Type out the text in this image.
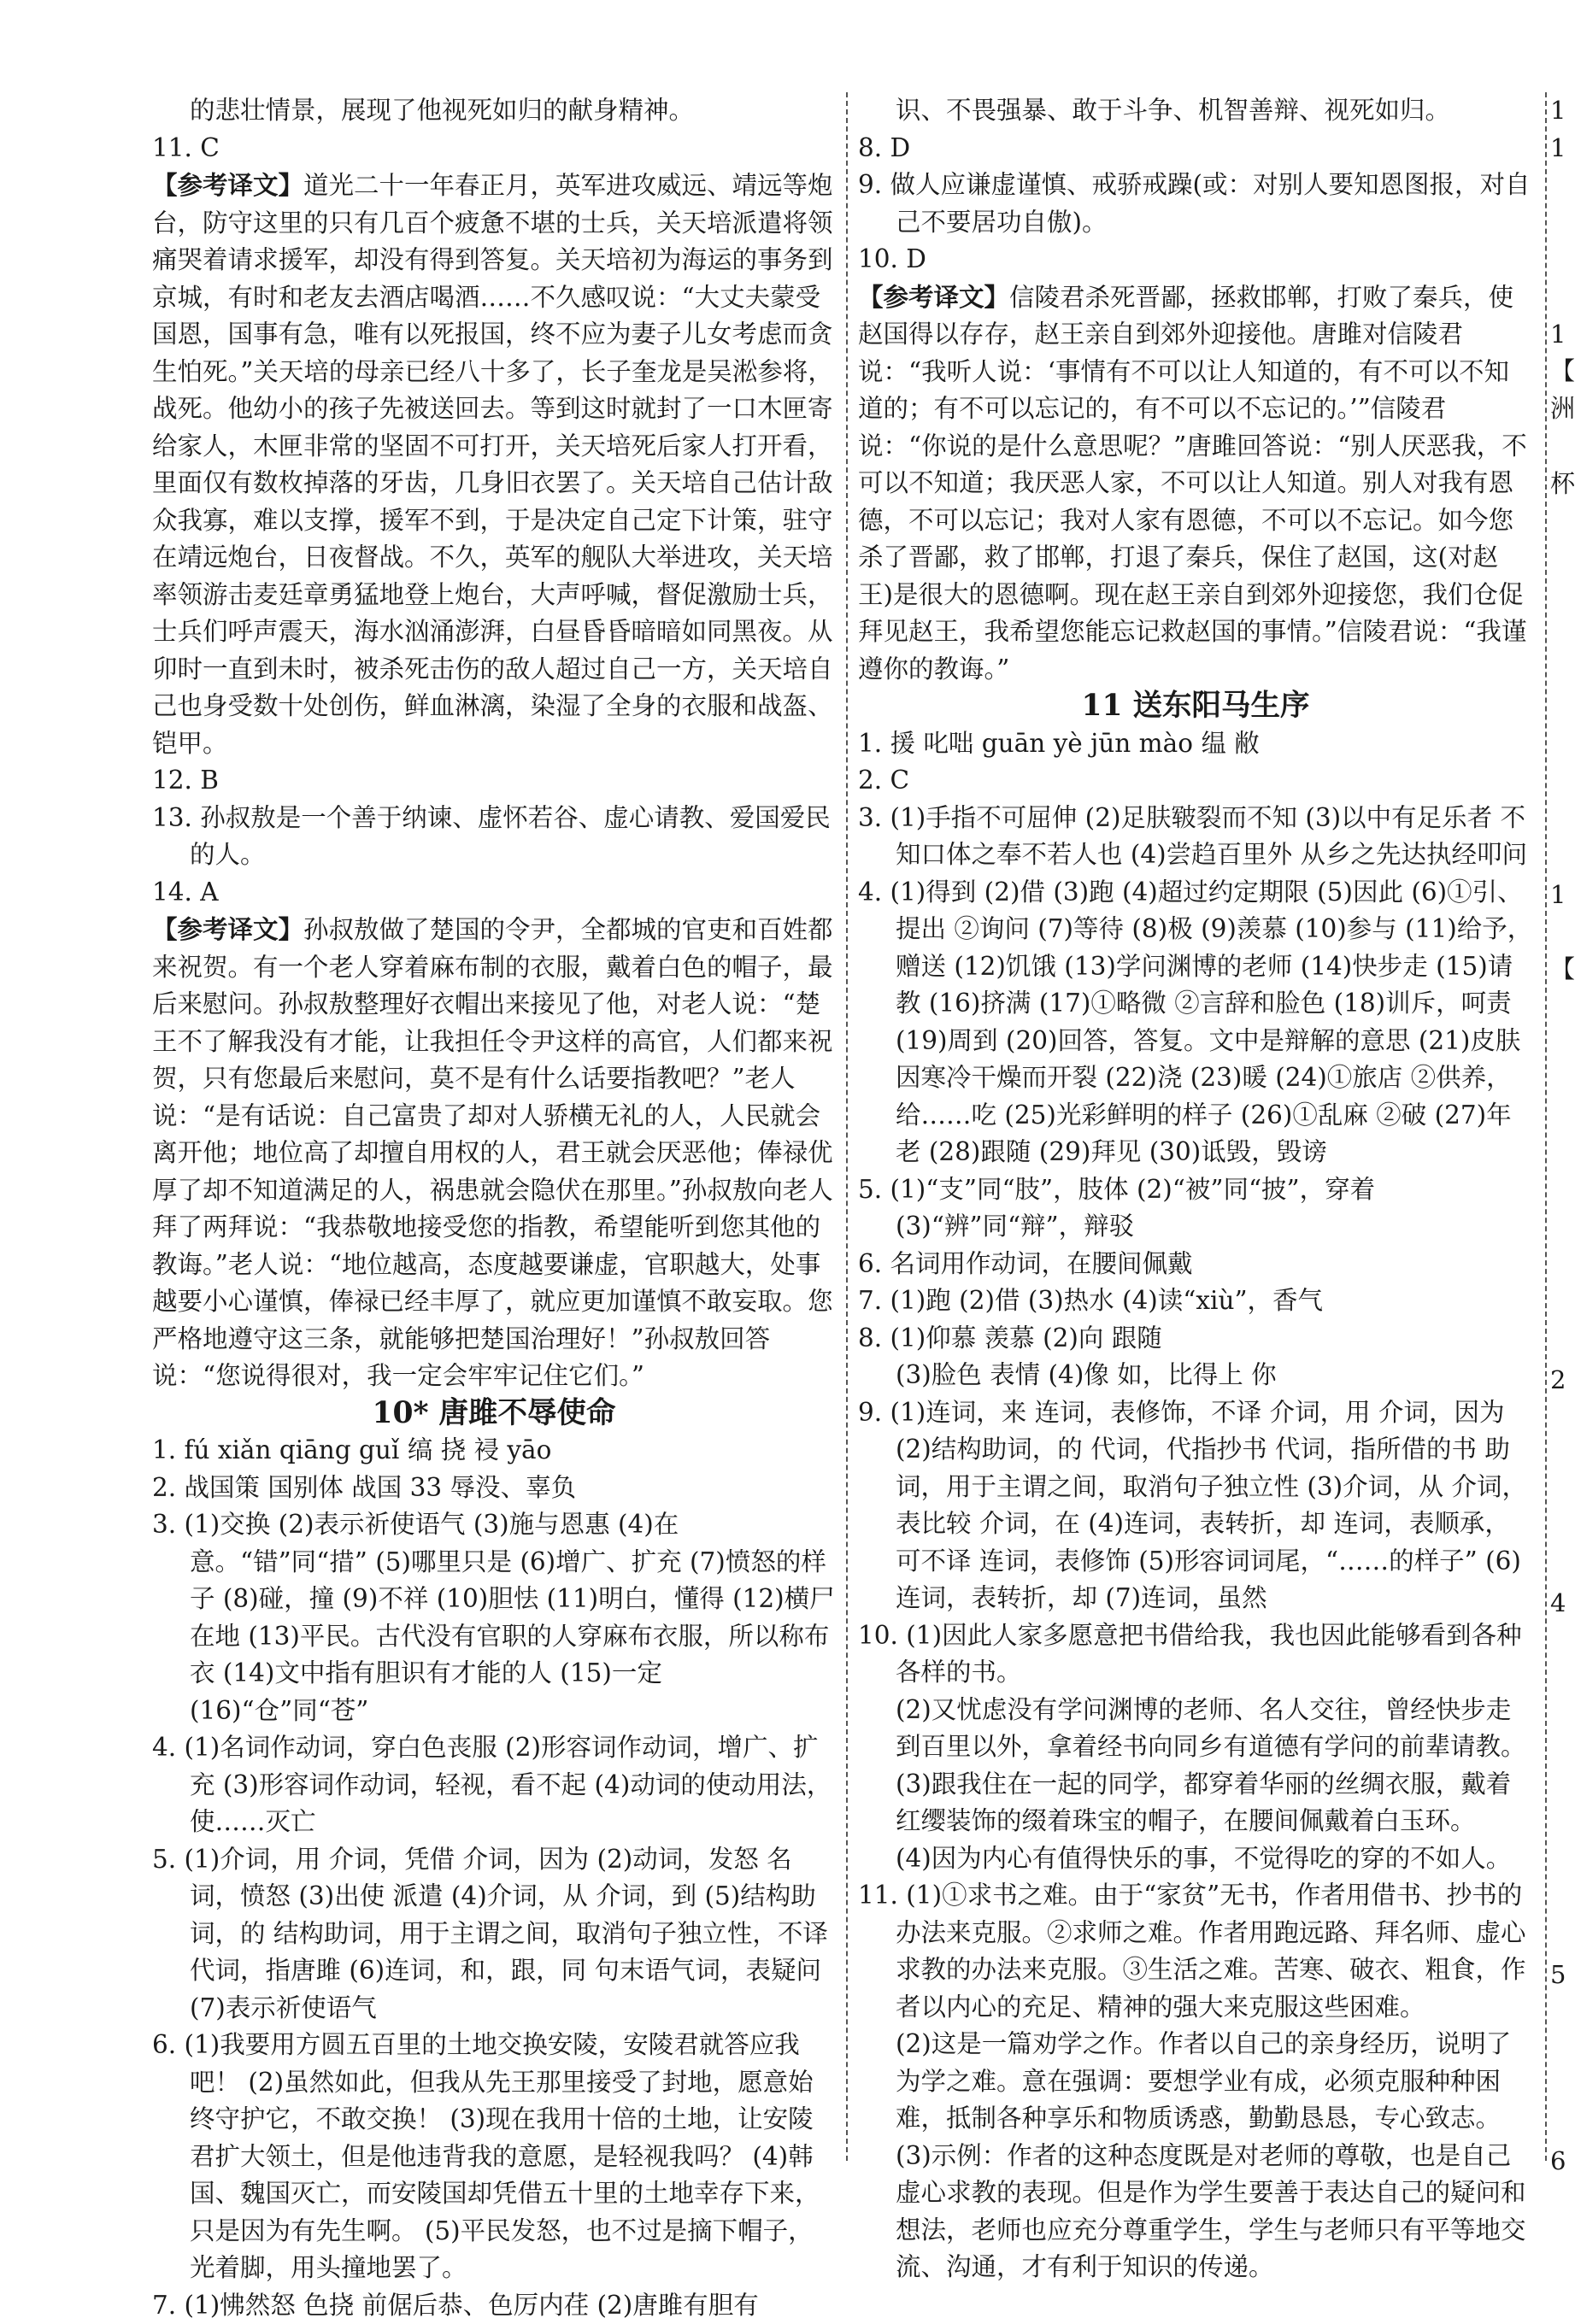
的悲壮情景，展现了他视死如归的献身精神。

11. C

【参考译文】道光二十一年春正月，英军进攻威远、靖远等炮台，防守这里的只有几百个疲惫不堪的士兵，关天培派遣将领痛哭着请求援军，却没有得到答复。关天培初为海运的事务到京城，有时和老友去酒店喝酒……不久感叹说：“大丈夫蒙受国恩，国事有急，唯有以死报国，终不应为妻子儿女考虑而贪生怕死。”关天培的母亲已经八十多了，长子奎龙是吴淞参将，战死。他幼小的孩子先被送回去。等到这时就封了一口木匣寄给家人，木匣非常的坚固不可打开，关天培死后家人打开看，里面仅有数枚掉落的牙齿，几身旧衣罢了。关天培自己估计敌众我寡，难以支撑，援军不到，于是决定自己定下计策，驻守在靖远炮台，日夜督战。不久，英军的舰队大举进攻，关天培率领游击麦廷章勇猛地登上炮台，大声呼喊，督促激励士兵，士兵们呼声震天，海水汹涌澎湃，白昼昏昏暗暗如同黑夜。从卯时一直到未时，被杀死击伤的敌人超过自己一方，关天培自己也身受数十处创伤，鲜血淋漓，染湿了全身的衣服和战盔、铠甲。

12. B

13. 孙叔敖是一个善于纳谏、虚怀若谷、虚心请教、爱国爱民的人。

14. A

【参考译文】孙叔敖做了楚国的令尹，全都城的官吏和百姓都来祝贺。有一个老人穿着麻布制的衣服，戴着白色的帽子，最后来慰问。孙叔敖整理好衣帽出来接见了他，对老人说：“楚王不了解我没有才能，让我担任令尹这样的高官，人们都来祝贺，只有您最后来慰问，莫不是有什么话要指教吧？”老人说：“是有话说：自己富贵了却对人骄横无礼的人，人民就会离开他；地位高了却擅自用权的人，君王就会厌恶他；俸禄优厚了却不知道满足的人，祸患就会隐伏在那里。”孙叔敖向老人拜了两拜说：“我恭敬地接受您的指教，希望能听到您其他的教诲。”老人说：“地位越高，态度越要谦虚，官职越大，处事越要小心谨慎，俸禄已经丰厚了，就应更加谨慎不敢妄取。您严格地遵守这三条，就能够把楚国治理好！”孙叔敖回答说：“您说得很对，我一定会牢牢记住它们。”

10* 唐雎不辱使命

1. fú xiǎn qiāng guǐ 缟 挠 祲 yāo

2. 战国策 国别体 战国 33 辱没、辜负

3. (1)交换 (2)表示祈使语气 (3)施与恩惠 (4)在意。“错”同“措” (5)哪里只是 (6)增广、扩充 (7)愤怒的样子 (8)碰，撞 (9)不祥 (10)胆怯 (11)明白，懂得 (12)横尸在地 (13)平民。古代没有官职的人穿麻布衣服，所以称布衣 (14)文中指有胆识有才能的人 (15)一定 (16)“仓”同“苍”

4. (1)名词作动词，穿白色丧服 (2)形容词作动词，增广、扩充 (3)形容词作动词，轻视，看不起 (4)动词的使动用法，使……灭亡

5. (1)介词，用 介词，凭借 介词，因为 (2)动词，发怒 名词，愤怒 (3)出使 派遣 (4)介词，从 介词，到 (5)结构助词，的 结构助词，用于主谓之间，取消句子独立性，不译 代词，指唐雎 (6)连词，和，跟，同 句末语气词，表疑问 (7)表示祈使语气

6. (1)我要用方圆五百里的土地交换安陵，安陵君就答应我吧！ (2)虽然如此，但我从先王那里接受了封地，愿意始终守护它，不敢交换！ (3)现在我用十倍的土地，让安陵君扩大领土，但是他违背我的意愿，是轻视我吗？ (4)韩国、魏国灭亡，而安陵国却凭借五十里的土地幸存下来，只是因为有先生啊。 (5)平民发怒，也不过是摘下帽子，光着脚，用头撞地罢了。

7. (1)怫然怒 色挠 前倨后恭、色厉内荏 (2)唐雎有胆有

识、不畏强暴、敢于斗争、机智善辩、视死如归。

8. D

9. 做人应谦虚谨慎、戒骄戒躁(或：对别人要知恩图报，对自己不要居功自傲)。

10. D

【参考译文】信陵君杀死晋鄙，拯救邯郸，打败了秦兵，使赵国得以存存，赵王亲自到郊外迎接他。唐雎对信陵君说：“我听人说：‘事情有不可以让人知道的，有不可以不知道的；有不可以忘记的，有不可以不忘记的。’”信陵君说：“你说的是什么意思呢？”唐雎回答说：“别人厌恶我，不可以不知道；我厌恶人家，不可以让人知道。别人对我有恩德，不可以忘记；我对人家有恩德，不可以不忘记。如今您杀了晋鄙，救了邯郸，打退了秦兵，保住了赵国，这(对赵王)是很大的恩德啊。现在赵王亲自到郊外迎接您，我们仓促拜见赵王，我希望您能忘记救赵国的事情。”信陵君说：“我谨遵你的教诲。”

11 送东阳马生序

1. 援 叱咄 guān yè jūn mào 缊 敝

2. C

3. (1)手指不可屈伸 (2)足肤皲裂而不知 (3)以中有足乐者 不知口体之奉不若人也 (4)尝趋百里外 从乡之先达执经叩问

4. (1)得到 (2)借 (3)跑 (4)超过约定期限 (5)因此 (6)①引、提出 ②询问 (7)等待 (8)极 (9)羡慕 (10)参与 (11)给予，赠送 (12)饥饿 (13)学问渊博的老师 (14)快步走 (15)请教 (16)挤满 (17)①略微 ②言辞和脸色 (18)训斥，呵责 (19)周到 (20)回答，答复。文中是辩解的意思 (21)皮肤因寒冷干燥而开裂 (22)浇 (23)暖 (24)①旅店 ②供养，给……吃 (25)光彩鲜明的样子 (26)①乱麻 ②破 (27)年老 (28)跟随 (29)拜见 (30)诋毁，毁谤

5. (1)“支”同“肢”，肢体 (2)“被”同“披”，穿着 (3)“辨”同“辩”，辩驳

6. 名词用作动词，在腰间佩戴

7. (1)跑 (2)借 (3)热水 (4)读“xiù”，香气

8. (1)仰慕 羡慕 (2)向 跟随

(3)脸色 表情 (4)像 如，比得上 你

9. (1)连词，来 连词，表修饰，不译 介词，用 介词，因为 (2)结构助词，的 代词，代指抄书 代词，指所借的书 助词，用于主谓之间，取消句子独立性 (3)介词，从 介词，表比较 介词，在 (4)连词，表转折，却 连词，表顺承，可不译 连词，表修饰 (5)形容词词尾，“……的样子” (6)连词，表转折，却 (7)连词，虽然

10. (1)因此人家多愿意把书借给我，我也因此能够看到各种各样的书。

(2)又忧虑没有学问渊博的老师、名人交往，曾经快步走到百里以外，拿着经书向同乡有道德有学问的前辈请教。

(3)跟我住在一起的同学，都穿着华丽的丝绸衣服，戴着红缨装饰的缀着珠宝的帽子，在腰间佩戴着白玉环。

(4)因为内心有值得快乐的事，不觉得吃的穿的不如人。

11. (1)①求书之难。由于“家贫”无书，作者用借书、抄书的办法来克服。②求师之难。作者用跑远路、拜名师、虚心求教的办法来克服。③生活之难。苦寒、破衣、粗食，作者以内心的充足、精神的强大来克服这些困难。

(2)这是一篇劝学之作。作者以自己的亲身经历，说明了为学之难。意在强调：要想学业有成，必须克服种种困难，抵制各种享乐和物质诱惑，勤勤恳恳，专心致志。

(3)示例：作者的这种态度既是对老师的尊敬，也是自己虚心求教的表现。但是作为学生要善于表达自己的疑问和想法，老师也应充分尊重学生，学生与老师只有平等地交流、沟通，才有利于知识的传递。

1
1
1
【
洲
杯
1
【
2
4
5
6
